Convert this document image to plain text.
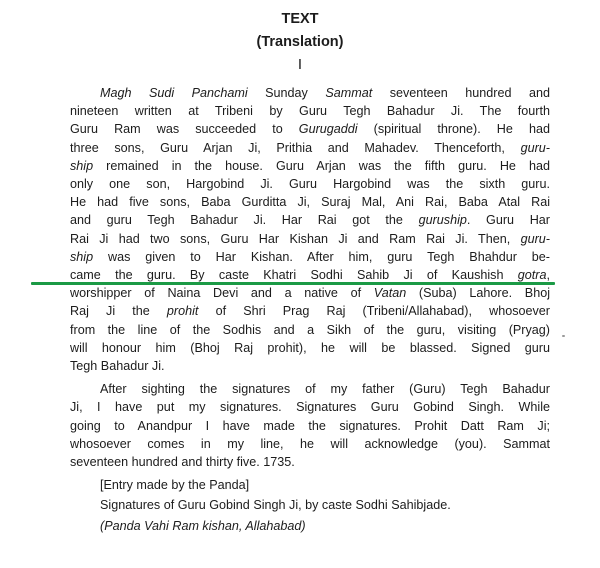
TEXT
(Translation)
I
Magh Sudi Panchami Sunday Sammat seventeen hundred and
nineteen written at Tribeni by Guru Tegh Bahadur Ji. The fourth
Guru Ram was succeeded to Gurugaddi (spiritual throne). He had
three sons, Guru Arjan Ji, Prithia and Mahadev. Thenceforth, guru-
ship remained in the house. Guru Arjan was the fifth guru. He had
only one son, Hargobind Ji. Guru Hargobind was the sixth guru.
He had five sons, Baba Gurditta Ji, Suraj Mal, Ani Rai, Baba Atal Rai
and guru Tegh Bahadur Ji. Har Rai got the guruship. Guru Har
Rai Ji had two sons, Guru Har Kishan Ji and Ram Rai Ji. Then, guru-
ship was given to Har Kishan. After him, guru Tegh Bhahdur be-
came the guru. By caste Khatri Sodhi Sahib Ji of Kaushish gotra,
worshipper of Naina Devi and a native of Vatan (Suba) Lahore. Bhoj
Raj Ji the prohit of Shri Prag Raj (Tribeni/Allahabad), whosoever
from the line of the Sodhis and a Sikh of the guru, visiting (Pryag)
will honour him (Bhoj Raj prohit), he will be blassed. Signed guru
Tegh Bahadur Ji.
After sighting the signatures of my father (Guru) Tegh Bahadur
Ji, I have put my signatures. Signatures Guru Gobind Singh. While
going to Anandpur I have made the signatures. Prohit Datt Ram Ji;
whosoever comes in my line, he will acknowledge (you). Sammat
seventeen hundred and thirty five. 1735.
[Entry made by the Panda]
Signatures of Guru Gobind Singh Ji, by caste Sodhi Sahibjade.
(Panda Vahi Ram kishan, Allahabad)
